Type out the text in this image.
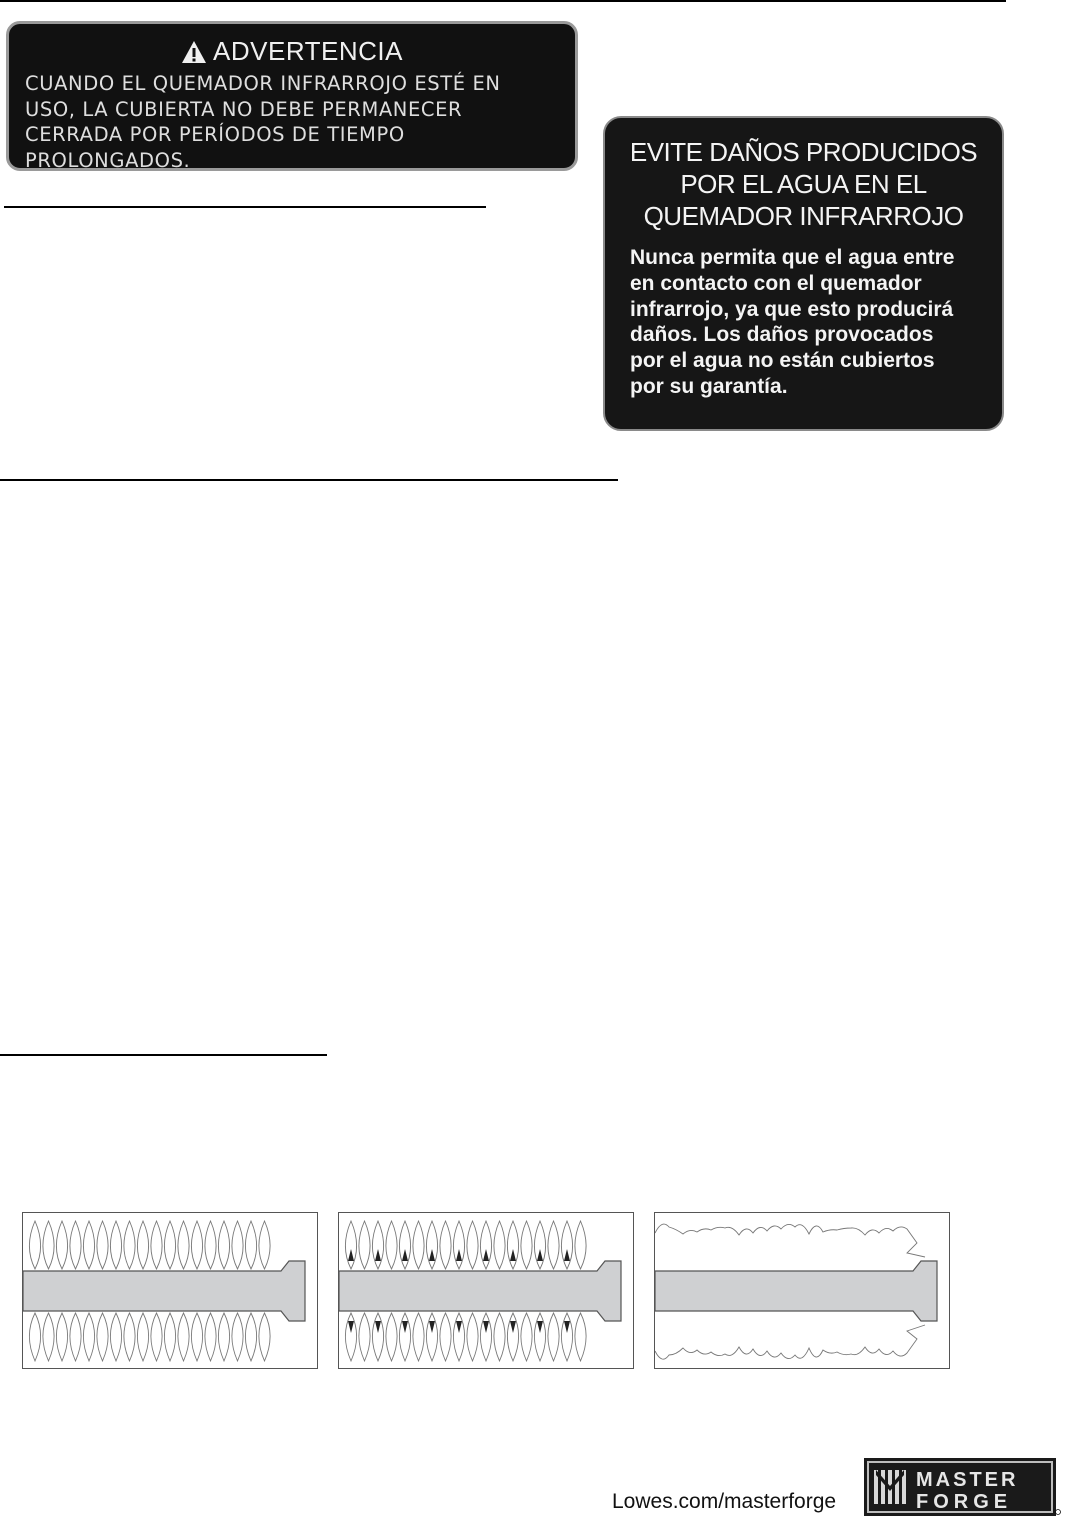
ADVERTENCIA
CUANDO EL QUEMADOR INFRARROJO ESTÉ EN
USO, LA CUBIERTA NO DEBE PERMANECER
CERRADA POR PERÍODOS DE TIEMPO
PROLONGADOS.	EVITE DAÑOS PRODUCIDOS
POR EL AGUA EN EL
QUEMADOR INFRARROJO
Nunca permita que el agua entre
en contacto con el quemador
infrarrojo, ya que esto producirá
daños. Los daños provocados
por el agua no están cubiertos
por su garantía.
Lowes.com/masterforge
MASTER
FORGE
